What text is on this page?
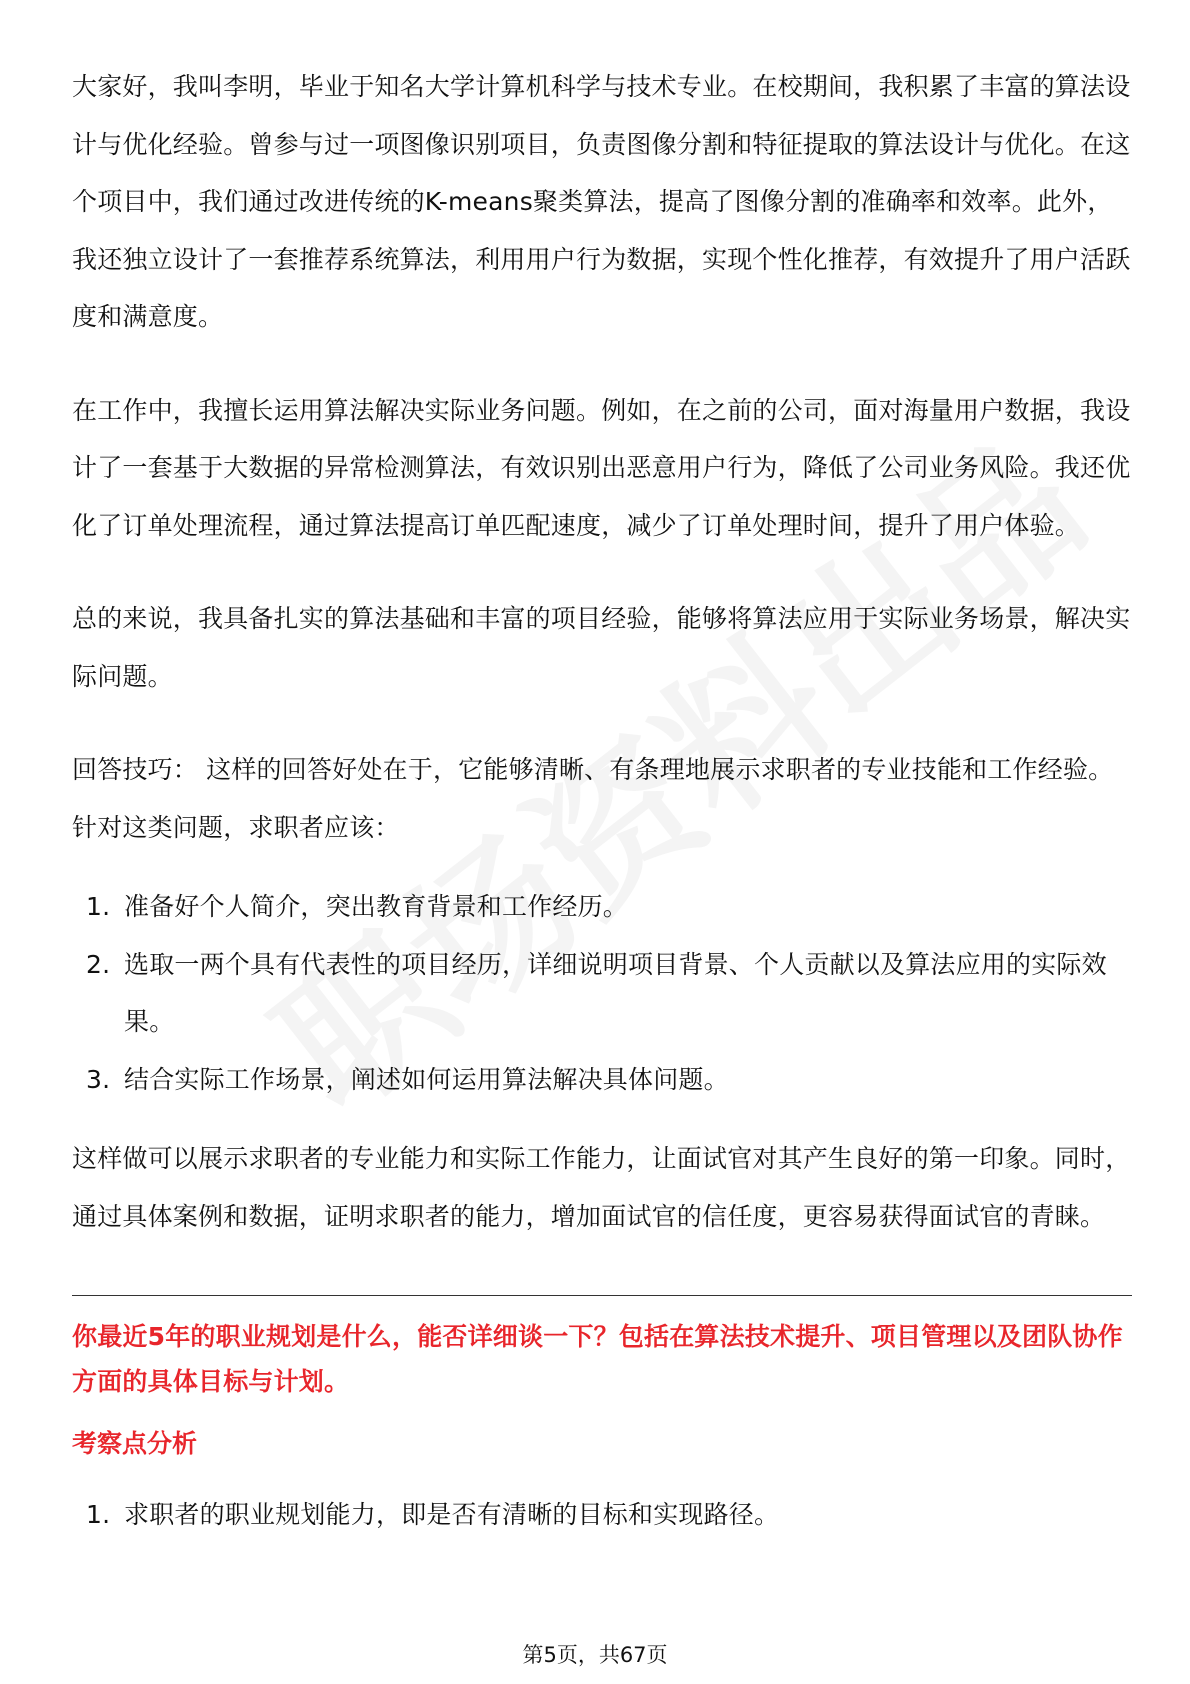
大家好，我叫李明，毕业于知名大学计算机科学与技术专业。在校期间，我积累了丰富的算法设计与优化经验。曾参与过一项图像识别项目，负责图像分割和特征提取的算法设计与优化。在这个项目中，我们通过改进传统的K-means聚类算法，提高了图像分割的准确率和效率。此外，我还独立设计了一套推荐系统算法，利用用户行为数据，实现个性化推荐，有效提升了用户活跃度和满意度。

在工作中，我擅长运用算法解决实际业务问题。例如，在之前的公司，面对海量用户数据，我设计了一套基于大数据的异常检测算法，有效识别出恶意用户行为，降低了公司业务风险。我还优化了订单处理流程，通过算法提高订单匹配速度，减少了订单处理时间，提升了用户体验。

总的来说，我具备扎实的算法基础和丰富的项目经验，能够将算法应用于实际业务场景，解决实际问题。

回答技巧： 这样的回答好处在于，它能够清晰、有条理地展示求职者的专业技能和工作经验。针对这类问题，求职者应该：

1. 准备好个人简介，突出教育背景和工作经历。
2. 选取一两个具有代表性的项目经历，详细说明项目背景、个人贡献以及算法应用的实际效果。
3. 结合实际工作场景，阐述如何运用算法解决具体问题。

这样做可以展示求职者的专业能力和实际工作能力，让面试官对其产生良好的第一印象。同时，通过具体案例和数据，证明求职者的能力，增加面试官的信任度，更容易获得面试官的青睐。

你最近5年的职业规划是什么，能否详细谈一下？包括在算法技术提升、项目管理以及团队协作方面的具体目标与计划。

考察点分析
1. 求职者的职业规划能力，即是否有清晰的目标和实现路径。
第5页，共67页
